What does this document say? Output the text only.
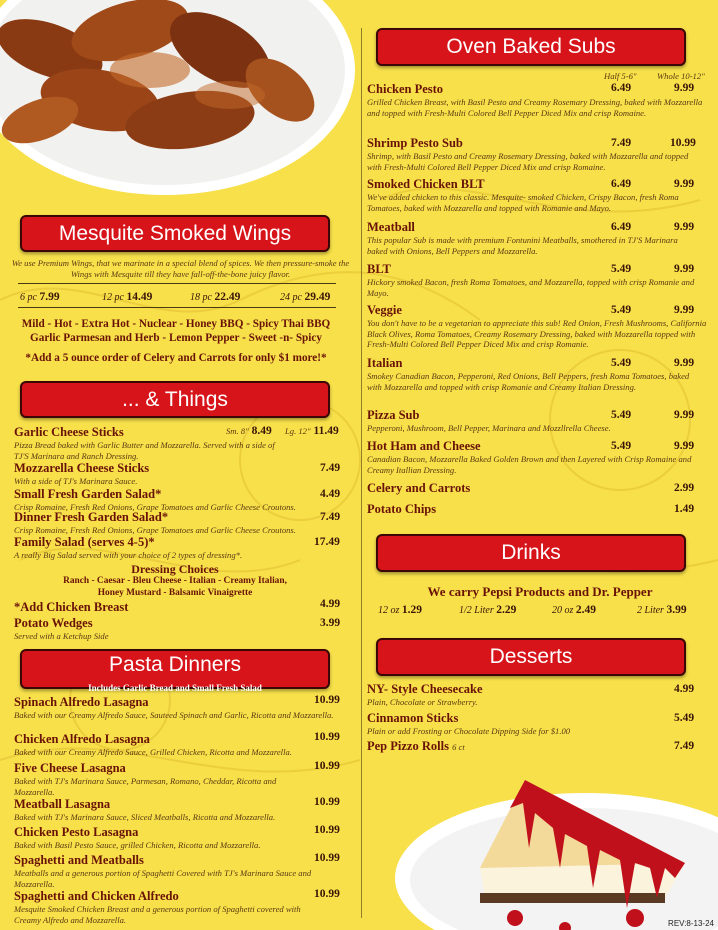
Mesquite Smoked Wings
We use Premium Wings, that we marinate in a special blend of spices. We then pressure-smoke the Wings with Mesquite till they have fall-off-the-bone juicy flavor.
6 pc 7.99	12 pc 14.49	18 pc 22.49	24 pc 29.49
Mild - Hot - Extra Hot - Nuclear - Honey BBQ - Spicy Thai BBQ
Garlic Parmesan and Herb - Lemon Pepper - Sweet -n- Spicy
*Add a 5 ounce order of Celery and Carrots for only $1 more!*
... & Things
Garlic Cheese Sticks
Pizza Bread baked with Garlic Butter and Mozzarella. Served with a side of TJ'S Marinara and Ranch Dressing.
Sm. 8" 8.49 Lg. 12" 11.49
Mozzarella Cheese Sticks
With a side of TJ's Marinara Sauce.
7.49
Small Fresh Garden Salad*
Crisp Romaine, Fresh Red Onions, Grape Tomatoes and Garlic Cheese Croutons.
4.49
Dinner Fresh Garden Salad*
Crisp Romaine, Fresh Red Onions, Grape Tomatoes and Garlic Cheese Croutons.
7.49
Family Salad (serves 4-5)*
A really Big Salad served with your choice of 2 types of dressing*.
17.49
Dressing Choices
Ranch - Caesar - Bleu Cheese - Italian - Creamy Italian,
Honey Mustard - Balsamic Vinaigrette
*Add Chicken Breast	4.99
Potato Wedges
Served with a Ketchup Side
3.99
Pasta Dinners
Includes Garlic Bread and Small Fresh Salad
Spinach Alfredo Lasagna
Baked with our Creamy Alfredo Sauce, Sauteed Spinach and Garlic, Ricotta and Mozzarella.
10.99
Chicken Alfredo Lasagna
Baked with our Creamy Alfredo Sauce, Grilled Chicken, Ricotta and Mozzarella.
10.99
Five Cheese Lasagna
Baked with TJ's Marinara Sauce, Parmesan, Romano, Cheddar, Ricotta and Mozzarella.
10.99
Meatball Lasagna
Baked with TJ's Marinara Sauce, Sliced Meatballs, Ricotta and Mozzarella.
10.99
Chicken Pesto Lasagna
Baked with Basil Pesto Sauce, grilled Chicken, Ricotta and Mozzarella.
10.99
Spaghetti and Meatballs
Meatballs and a generous portion of Spaghetti Covered with TJ's Marinara Sauce and Mozzarella.
10.99
Spaghetti and Chicken Alfredo
Mesquite Smoked Chicken Breast and a generous portion of Spaghetti covered with Creamy Alfredo and Mozzarella.
10.99
Oven Baked Subs
Half 5-6" Whole 10-12"
Chicken Pesto
Grilled Chicken Breast, with Basil Pesto and Creamy Rosemary Dressing, baked with Mozzarella and topped with Fresh-Multi Colored Bell Pepper Diced Mix and crisp Romaine.
6.49	9.99
Shrimp Pesto Sub
Shrimp, with Basil Pesto and Creamy Rosemary Dressing, baked with Mozzarella and topped with Fresh-Multi Colored Bell Pepper Diced Mix and crisp Romaine.
7.49	10.99
Smoked Chicken BLT
We've added chicken to this classic. Mesquite- smoked Chicken, Crispy Bacon, fresh Roma Tomatoes, baked with Mozzarella and topped with Romanie and Mayo.
6.49	9.99
Meatball
This popular Sub is made with premium Fontunini Meatballs, smothered in TJ'S Marinara baked with Onions, Bell Peppers and Mozzarella.
6.49	9.99
BLT
Hickory smoked Bacon, fresh Roma Tomatoes, and Mozzarella, topped with crisp Romanie and Mayo.
5.49	9.99
Veggie
You don't have to be a vegetarian to appreciate this sub! Red Onion, Fresh Mushrooms, California Black Olives, Roma Tomatoes, Creamy Rosemary Dressing, baked with Mozzarella topped with Fresh-Multi Colored Bell Pepper Diced Mix and crisp Romanie.
5.49	9.99
Italian
Smokey Canadian Bacon, Pepperoni, Red Onions, Bell Peppers, fresh Roma Tomatoes, baked with Mozzarella and topped with crisp Romanie and Creamy Italian Dressing.
5.49	9.99
Pizza Sub
Pepperoni, Mushroom, Bell Pepper, Marinara and Mozzllrella Cheese.
5.49	9.99
Hot Ham and Cheese
Canadian Bacon, Mozzarella Baked Golden Brown and then Layered with Crisp Romaine and Creamy Itallian Dressing.
5.49	9.99
Celery and Carrots	2.99
Potato Chips	1.49
Drinks
We carry Pepsi Products and Dr. Pepper
12 oz 1.29	1/2 Liter 2.29	20 oz 2.49	2 Liter 3.99
Desserts
NY- Style Cheesecake
Plain, Chocolate or Strawberry.
4.99
Cinnamon Sticks
Plain or add Frosting or Chocolate Dipping Side for $1.00
5.49
Pep Pizzo Rolls 6 ct	7.49
REV:8-13-24
